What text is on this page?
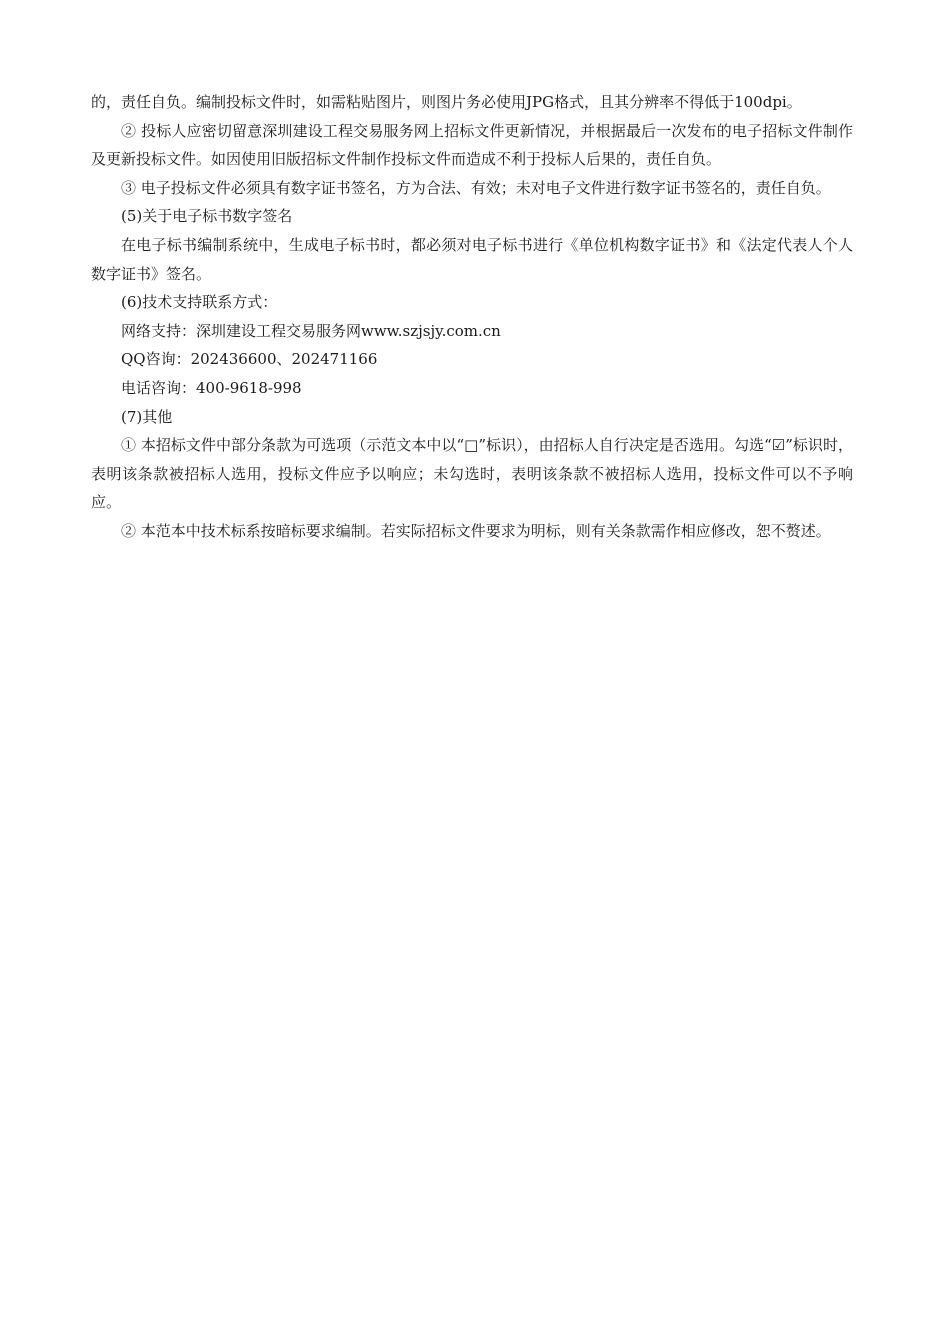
的，责任自负。编制投标文件时，如需粘贴图片，则图片务必使用JPG格式，且其分辨率不得低于100dpi。

② 投标人应密切留意深圳建设工程交易服务网上招标文件更新情况，并根据最后一次发布的电子招标文件制作及更新投标文件。如因使用旧版招标文件制作投标文件而造成不利于投标人后果的，责任自负。

③ 电子投标文件必须具有数字证书签名，方为合法、有效；未对电子文件进行数字证书签名的，责任自负。

(5)关于电子标书数字签名

在电子标书编制系统中，生成电子标书时，都必须对电子标书进行《单位机构数字证书》和《法定代表人个人数字证书》签名。

(6)技术支持联系方式：

网络支持：深圳建设工程交易服务网www.szjsjy.com.cn

QQ咨询：202436600、202471166

电话咨询：400-9618-998

(7)其他

① 本招标文件中部分条款为可选项（示范文本中以“□”标识），由招标人自行决定是否选用。勾选“☑”标识时，表明该条款被招标人选用，投标文件应予以响应；未勾选时，表明该条款不被招标人选用，投标文件可以不予响应。

② 本范本中技术标系按暗标要求编制。若实际招标文件要求为明标，则有关条款需作相应修改，恕不赘述。
